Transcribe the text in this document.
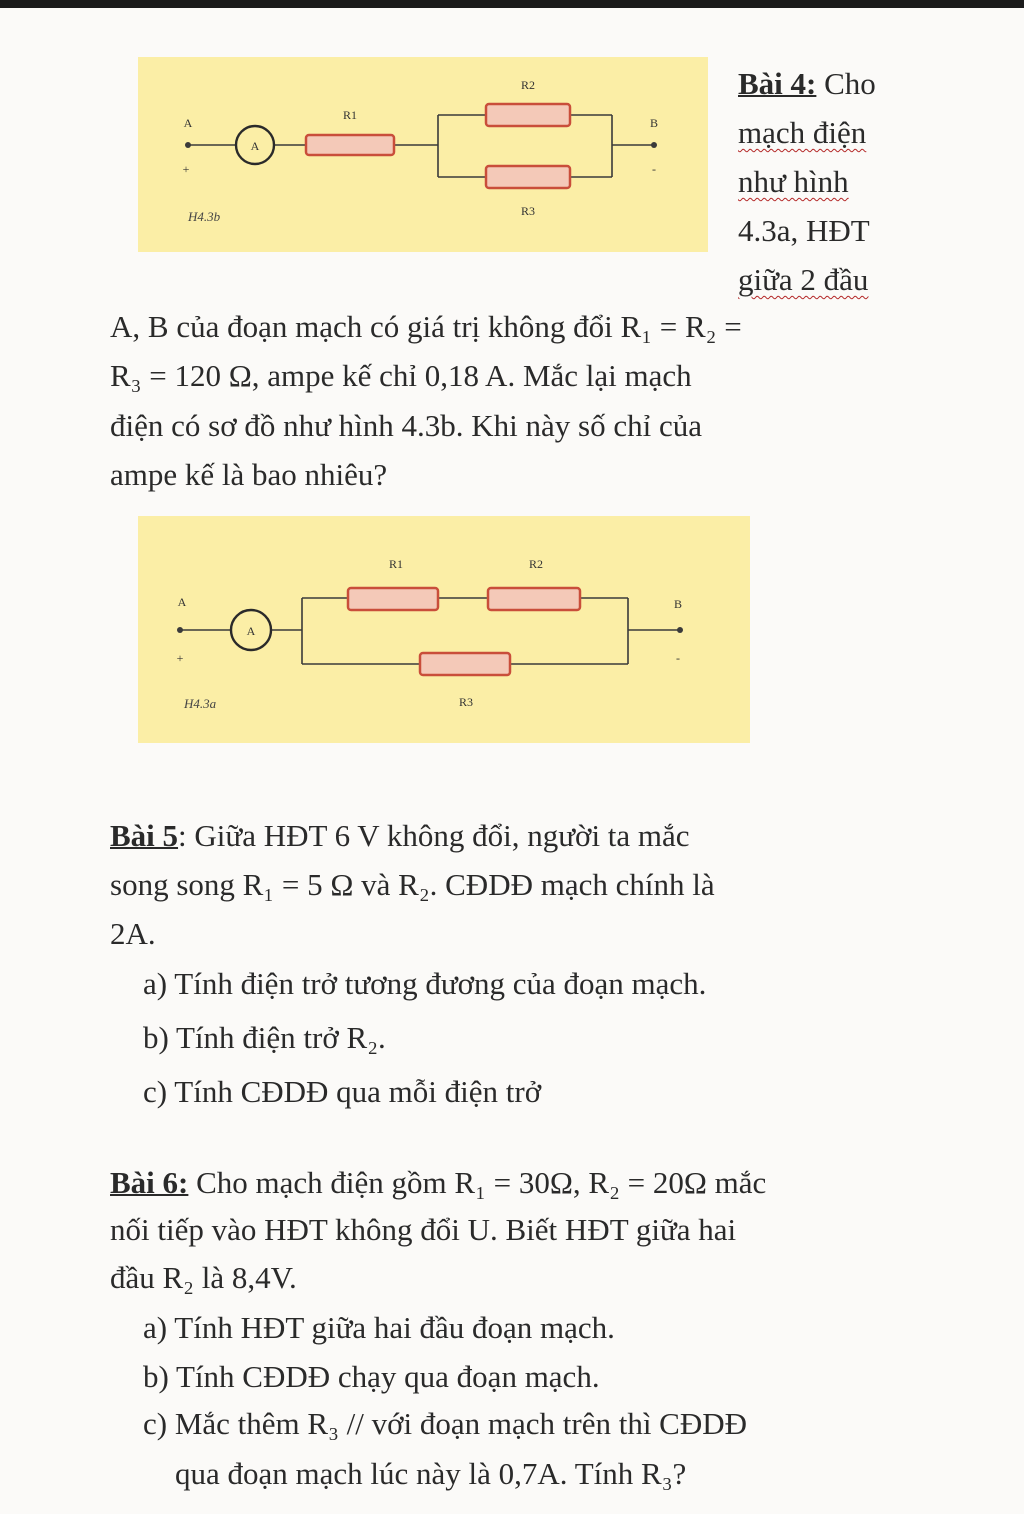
A
A
+
B
-
R1
R2
R3
H4.3b
Bài 4: Cho
mạch điện
như hình
4.3a, HĐT
giữa 2 đầu
A, B của đoạn mạch có giá trị không đổi R₁ = R₂ =
R₃ = 120 Ω, ampe kế chỉ 0,18 A. Mắc lại mạch
điện có sơ đồ như hình 4.3b. Khi này số chỉ của
ampe kế là bao nhiêu?
A
A
+
B
-
R1	R2
R3
H4.3a
Bài 5: Giữa HĐT 6 V không đổi, người ta mắc
song song R₁ = 5 Ω và R₂. CĐDĐ mạch chính là
2A.
a) Tính điện trở tương đương của đoạn mạch.
b) Tính điện trở R₂.
c) Tính CĐDĐ qua mỗi điện trở
Bài 6: Cho mạch điện gồm R₁ = 30Ω, R₂ = 20Ω mắc
nối tiếp vào HĐT không đổi U. Biết HĐT giữa hai
đầu R₂ là 8,4V.
a) Tính HĐT giữa hai đầu đoạn mạch.
b) Tính CĐDĐ chạy qua đoạn mạch.
c) Mắc thêm R₃ // với đoạn mạch trên thì CĐDĐ
qua đoạn mạch lúc này là 0,7A. Tính R₃?
